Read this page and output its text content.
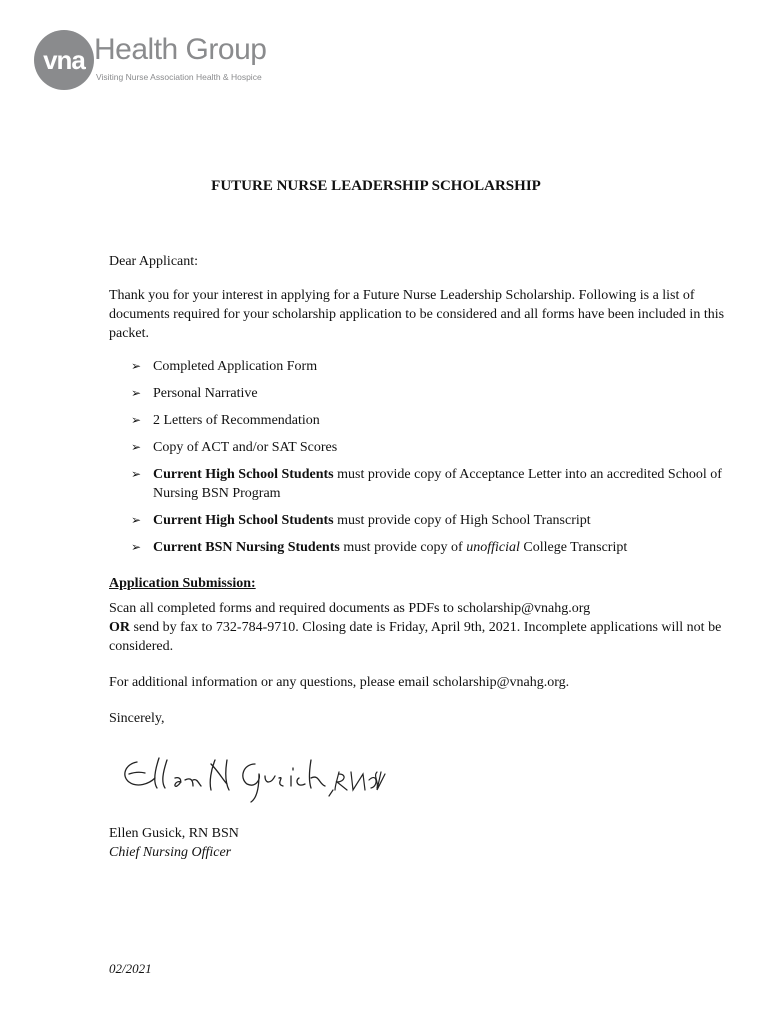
vna Health Group
Visiting Nurse Association Health & Hospice
FUTURE NURSE LEADERSHIP SCHOLARSHIP

Dear Applicant:

Thank you for your interest in applying for a Future Nurse Leadership Scholarship. Following is a list of documents required for your scholarship application to be considered and all forms have been included in this packet.

➢ Completed Application Form
➢ Personal Narrative
➢ 2 Letters of Recommendation
➢ Copy of ACT and/or SAT Scores
➢ Current High School Students must provide copy of Acceptance Letter into an accredited School of Nursing BSN Program
➢ Current High School Students must provide copy of High School Transcript
➢ Current BSN Nursing Students must provide copy of unofficial College Transcript

Application Submission:

Scan all completed forms and required documents as PDFs to scholarship@vnahg.org
OR send by fax to 732-784-9710. Closing date is Friday, April 9th, 2021. Incomplete applications will not be considered.

For additional information or any questions, please email scholarship@vnahg.org.

Sincerely,

Ellen M Gusick, RN BSN

Ellen Gusick, RN BSN

Chief Nursing Officer

02/2021
